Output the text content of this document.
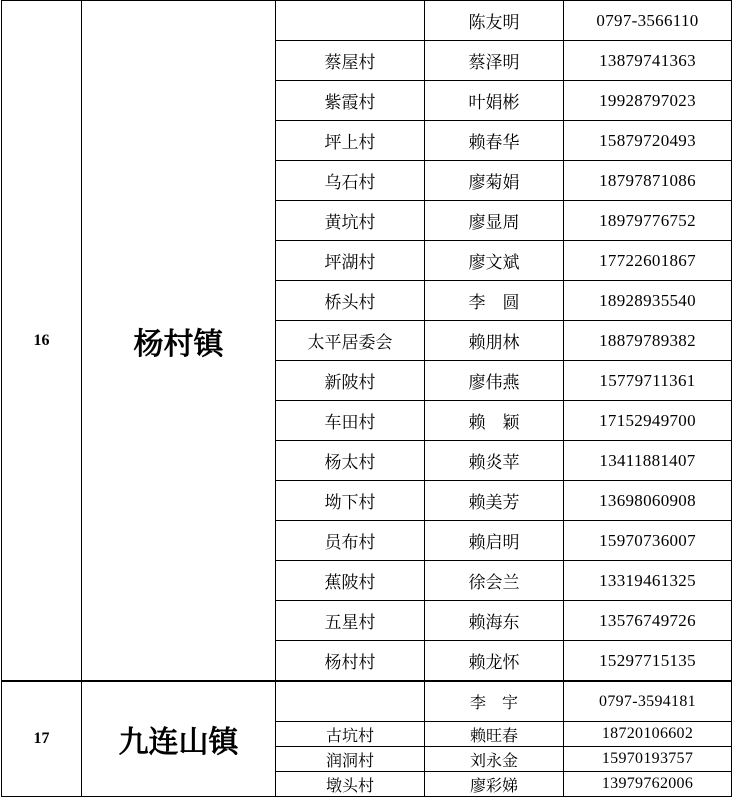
16	杨村镇		陈友明	0797-3566110
		蔡屋村	蔡泽明	13879741363
		紫霞村	叶娟彬	19928797023
		坪上村	赖春华	15879720493
		乌石村	廖菊娟	18797871086
		黄坑村	廖显周	18979776752
		坪湖村	廖文斌	17722601867
		桥头村	李　圆	18928935540
		太平居委会	赖朋林	18879789382
		新陂村	廖伟燕	15779711361
		车田村	赖　颖	17152949700
		杨太村	赖炎苹	13411881407
		坳下村	赖美芳	13698060908
		员布村	赖启明	15970736007
		蕉陂村	徐会兰	13319461325
		五星村	赖海东	13576749726
		杨村村	赖龙怀	15297715135
17	九连山镇		李　宇	0797-3594181
		古坑村	赖旺春	18720106602
		润洞村	刘永金	15970193757
		墩头村	廖彩娣	13979762006
